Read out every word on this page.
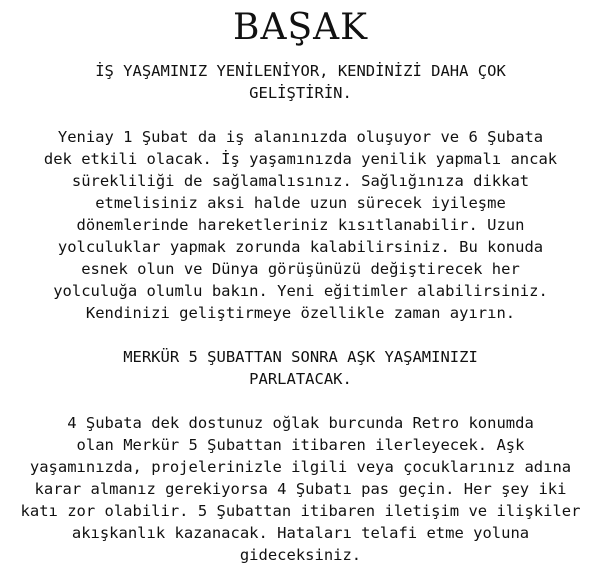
BAŞAK
İŞ YAŞAMINIZ YENİLENİYOR, KENDİNİZİ DAHA ÇOK
GELİŞTİRİN.
Yeniay 1 Şubat da iş alanınızda oluşuyor ve 6 Şubata
dek etkili olacak. İş yaşamınızda yenilik yapmalı ancak
sürekliliği de sağlamalısınız. Sağlığınıza dikkat
etmelisiniz aksi halde uzun sürecek iyileşme
dönemlerinde hareketleriniz kısıtlanabilir. Uzun
yolculuklar yapmak zorunda kalabilirsiniz. Bu konuda
esnek olun ve Dünya görüşünüzü değiştirecek her
yolculuğa olumlu bakın. Yeni eğitimler alabilirsiniz.
Kendinizi geliştirmeye özellikle zaman ayırın.
MERKÜR 5 ŞUBATTAN SONRA AŞK YAŞAMINIZI
PARLATACAK.
4 Şubata dek dostunuz oğlak burcunda Retro konumda
olan Merkür 5 Şubattan itibaren ilerleyecek. Aşk
yaşamınızda, projelerinizle ilgili veya çocuklarınız adına
karar almanız gerekiyorsa 4 Şubatı pas geçin. Her şey iki
katı zor olabilir. 5 Şubattan itibaren iletişim ve ilişkiler
akışkanlık kazanacak. Hataları telafi etme yoluna
gideceksiniz.
